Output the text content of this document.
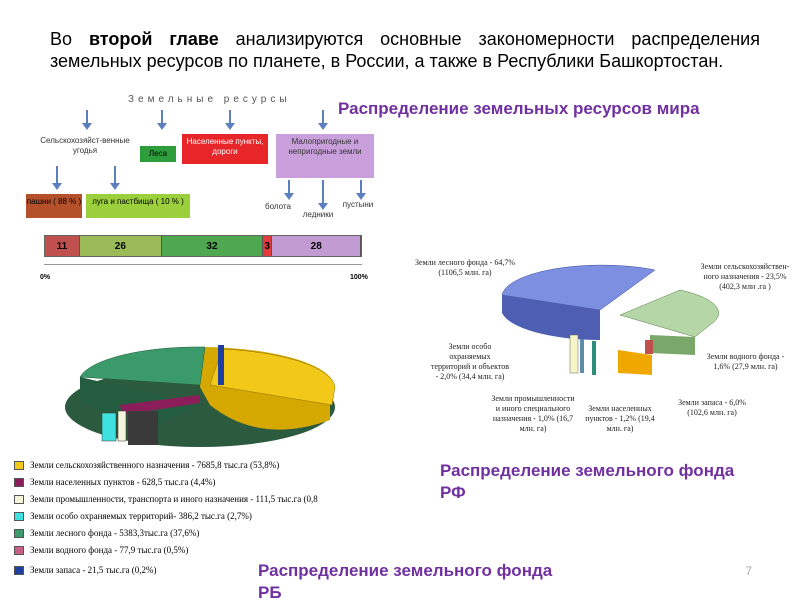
Во второй главе анализируются основные закономерности распределения земельных ресурсов по планете, в России, а также в Республики Башкортостан.
Земельные ресурсы
Сельскохозяйст-венные угодья	Леса
Населенные пункты, дороги
Малопригодные и непригодные земли
пашни ( 88 % )	луга и пастбища ( 10 % )
болота
ледники
пустыни
Распределение земельных ресурсов мира
11	26	32	3	28
0%	100%
Земли сельскохозяйственного назначения - 7685,8 тыс.га (53,8%)
Земли населенных пунктов - 628,5 тыс.га (4,4%)
Земли промышленности, транспорта и иного назначения - 111,5 тыс.га (0,8
Земли особо охраняемых территорий- 386,2 тыс.га (2,7%)
Земли лесного фонда - 5383,3тыс.га (37,6%)
Земли водного фонда - 77,9 тыс.га (0,5%)
Земли запаса - 21,5 тыс.га (0,2%)
Земли лесного фонда - 64,7% (1106,5 млн. га)
Земли сельскохозяйствен-ного назначения - 23,5% (402,3 млн .га )
Земли водного фонда - 1,6% (27,9 млн. га)
Земли запаса - 6,0% (102,6 млн. га)
Земли населенных пунктов - 1,2% (19,4 млн. га)
Земли промышленности и иного специального назначения - 1,0% (16,7 млн. га)
Земли особо охраняемых территорий и объектов - 2,0% (34,4 млн. га)
Распределение земельного фонда РФ
Распределение земельного фонда РБ
7
